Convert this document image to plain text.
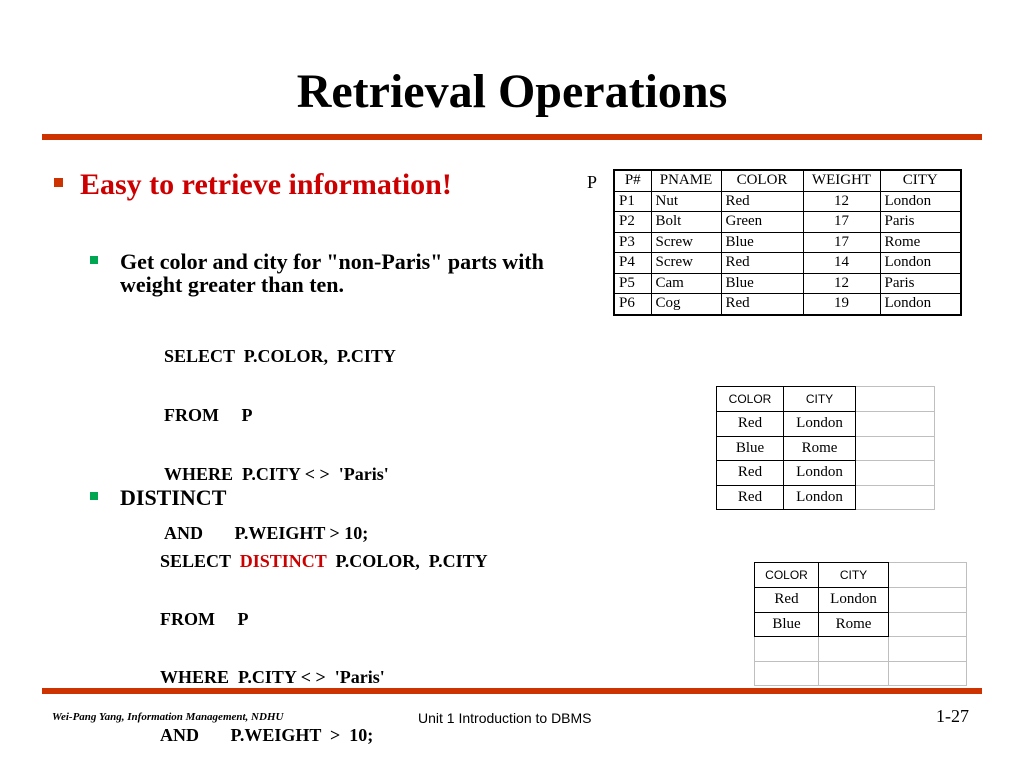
Retrieval Operations
Easy to retrieve information!
Get color and city for "non-Paris" parts with weight greater than ten.

SELECT  P.COLOR,  P.CITY

FROM     P

WHERE  P.CITY < >  'Paris'

AND       P.WEIGHT > 10;

DISTINCT

SELECT  DISTINCT  P.COLOR,  P.CITY

FROM     P

WHERE  P.CITY < >  'Paris'

AND       P.WEIGHT  >  10;

P P#	PNAME	COLOR	WEIGHT	CITY
P1	Nut	Red	12	London
P2	Bolt	Green	17	Paris
P3	Screw	Blue	17	Rome
P4	Screw	Red	14	London
P5	Cam	Blue	12	Paris
P6	Cog	Red	19	London
COLOR	CITY	
Red	London	
Blue	Rome	
Red	London	
Red	London	
COLOR	CITY	
Red	London	
Blue	Rome	

Wei-Pang Yang, Information Management, NDHU	Unit 1 Introduction to DBMS	1-27
